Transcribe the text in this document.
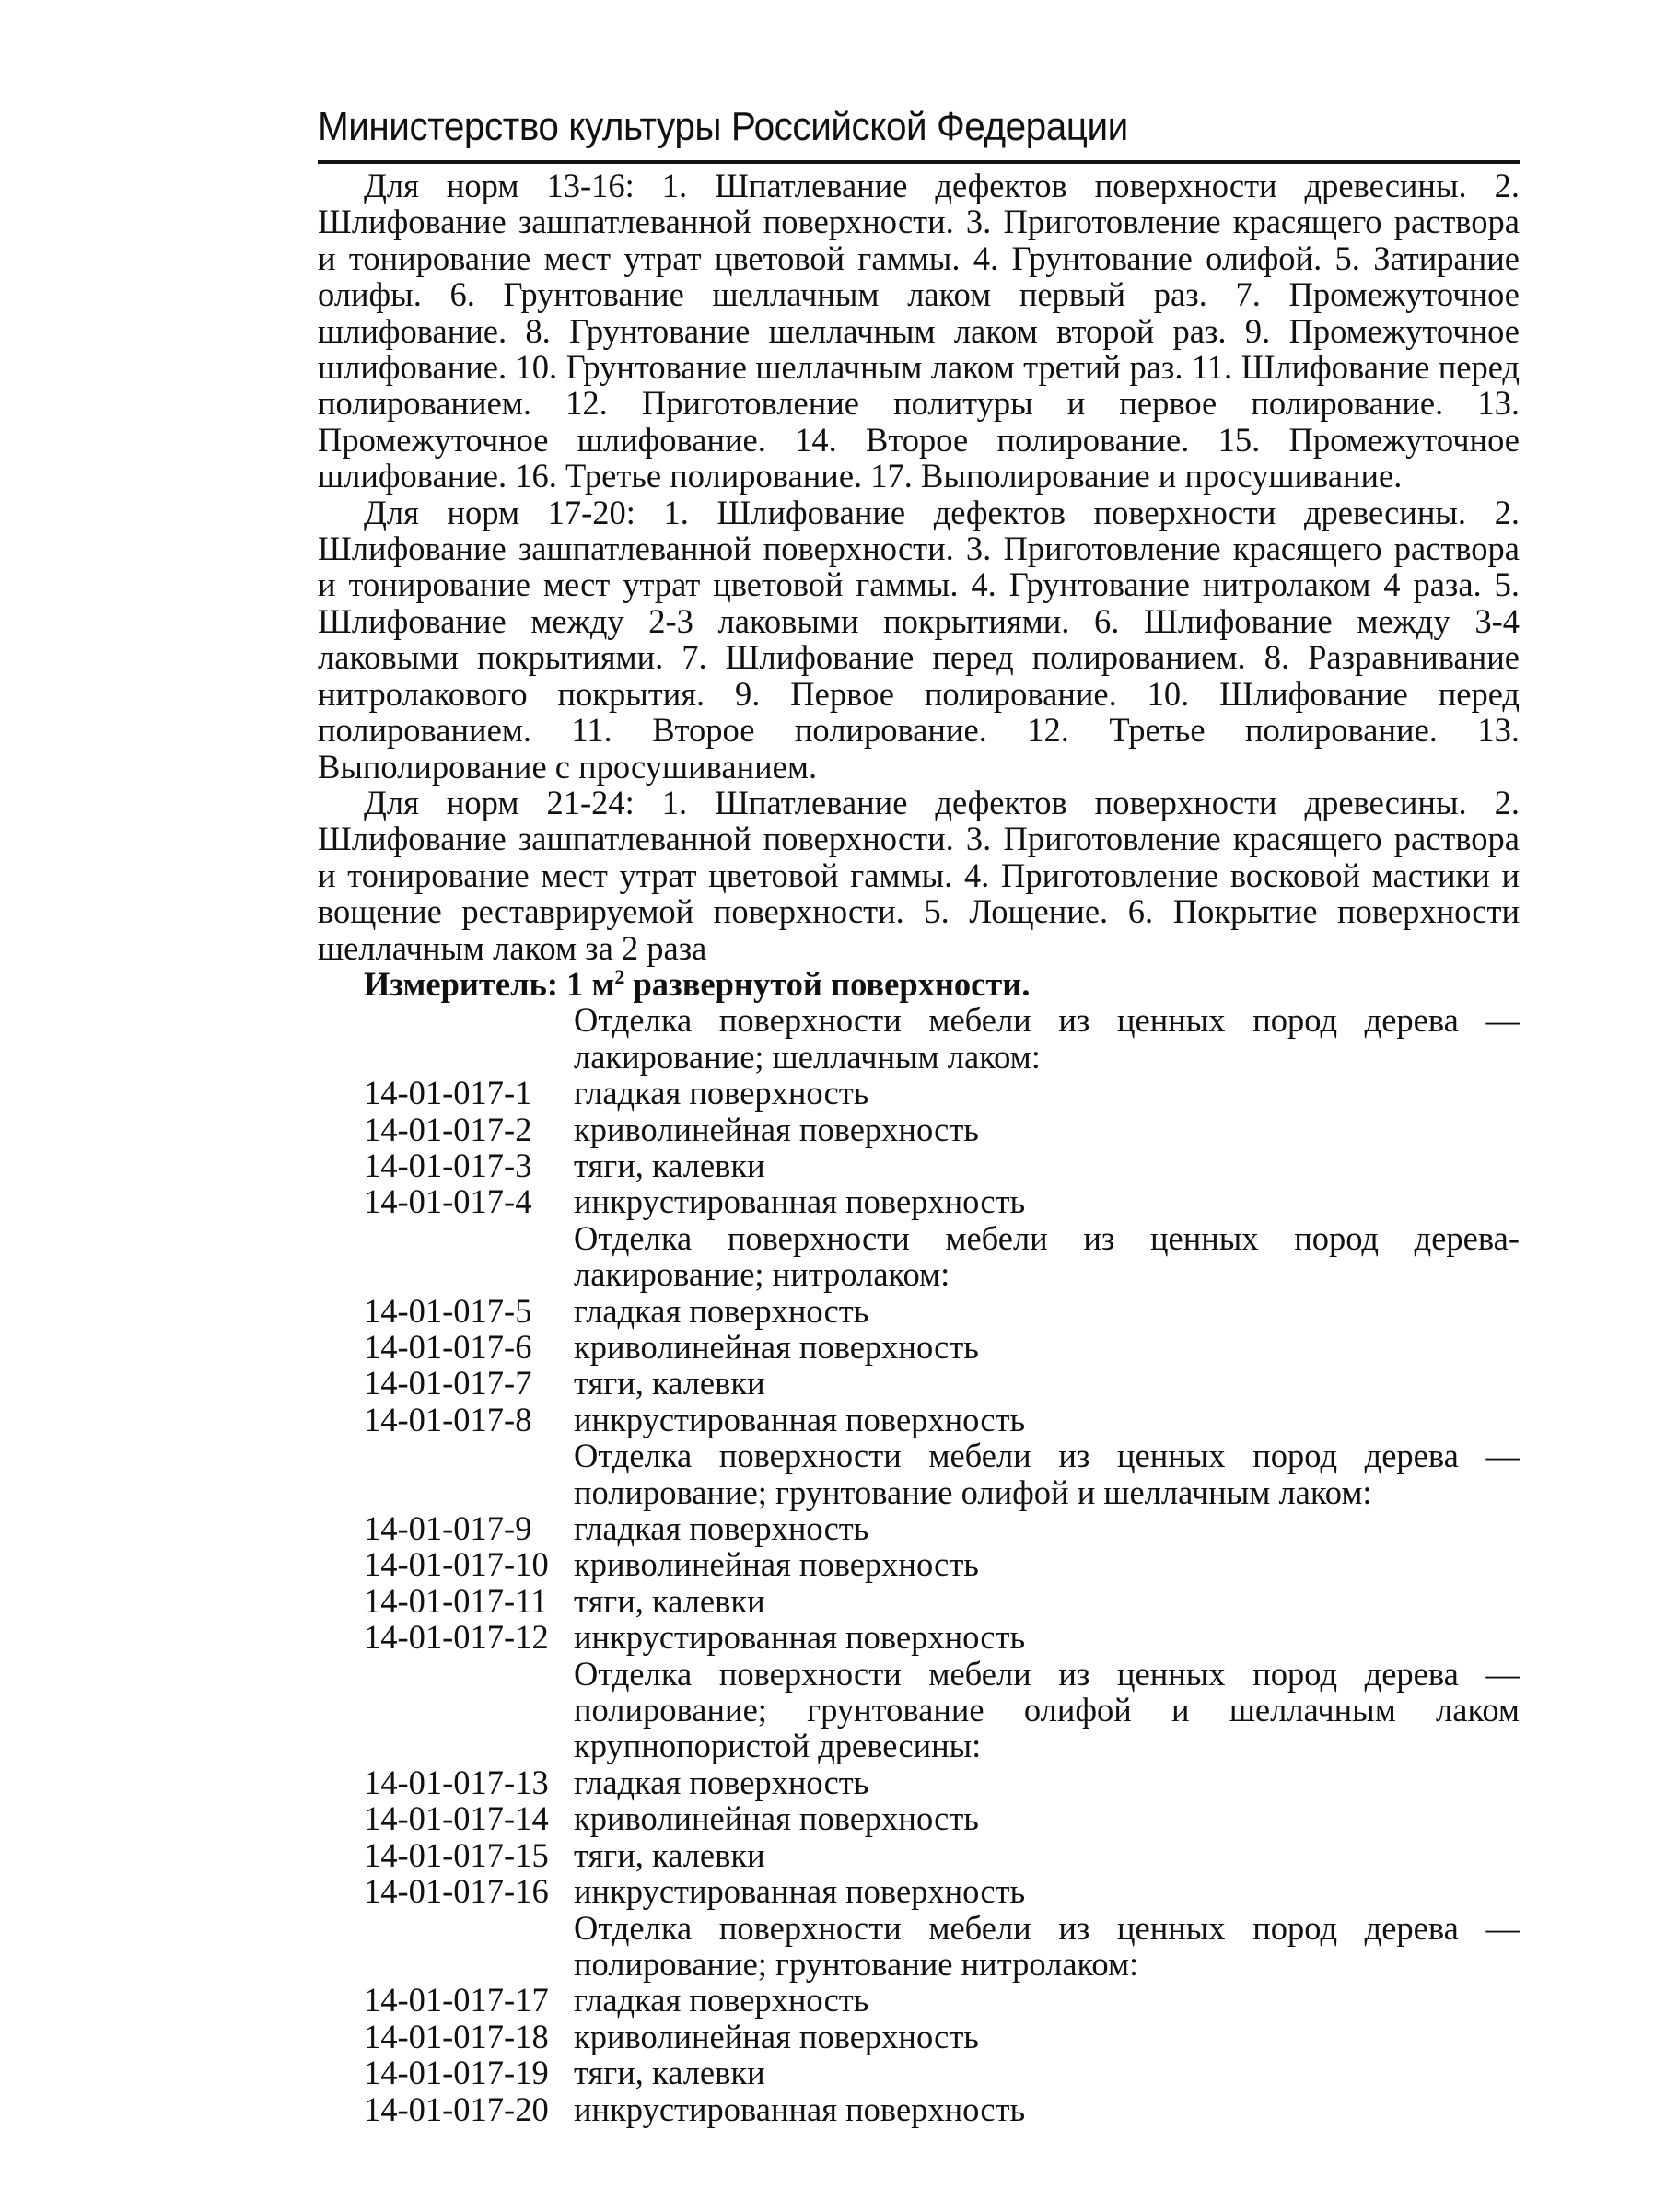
Министерство культуры Российской Федерации

Для норм 13-16: 1. Шпатлевание дефектов поверхности древесины. 2. Шлифование зашпатлеванной поверхности. 3. Приготовление красящего раствора и тонирование мест утрат цветовой гаммы. 4. Грунтование олифой. 5. Затирание олифы. 6. Грунтование шеллачным лаком первый раз. 7. Промежуточное шлифование. 8. Грунтование шеллачным лаком второй раз. 9. Промежуточное шлифование. 10. Грунтование шеллачным лаком третий раз. 11. Шлифование перед полированием. 12. Приготовление политуры и первое полирование. 13. Промежуточное шлифование. 14. Второе полирование. 15. Промежуточное шлифование. 16. Третье полирование. 17. Выполирование и просушивание.

Для норм 17-20: 1. Шлифование дефектов поверхности древесины. 2. Шлифование зашпатлеванной поверхности. 3. Приготовление красящего раствора и тонирование мест утрат цветовой гаммы. 4. Грунтование нитролаком 4 раза. 5. Шлифование между 2-3 лаковыми покрытиями. 6. Шлифование между 3-4 лаковыми покрытиями. 7. Шлифование перед полированием. 8. Разравнивание нитролакового покрытия. 9. Первое полирование. 10. Шлифование перед полированием. 11. Второе полирование. 12. Третье полирование. 13. Выполирование с просушиванием.

Для норм 21-24: 1. Шпатлевание дефектов поверхности древесины. 2. Шлифование зашпатлеванной поверхности. 3. Приготовление красящего раствора и тонирование мест утрат цветовой гаммы. 4. Приготовление восковой мастики и вощение реставрируемой поверхности. 5. Лощение. 6. Покрытие поверхности шеллачным лаком за 2 раза

Измеритель: 1 $м^2$ развернутой поверхности.

Отделка поверхности мебели из ценных пород дерева — лакирование; шеллачным лаком:

14-01-017-1	гладкая поверхность
14-01-017-2	криволинейная поверхность
14-01-017-3	тяги, калевки
14-01-017-4	инкрустированная поверхность

Отделка поверхности мебели из ценных пород дерева- лакирование; нитролаком:

14-01-017-5	гладкая поверхность
14-01-017-6	криволинейная поверхность
14-01-017-7	тяги, калевки
14-01-017-8	инкрустированная поверхность

Отделка поверхности мебели из ценных пород дерева — полирование; грунтование олифой и шеллачным лаком:

14-01-017-9	гладкая поверхность
14-01-017-10 криволинейная поверхность
14-01-017-11 тяги, калевки
14-01-017-12 инкрустированная поверхность

Отделка поверхности мебели из ценных пород дерева — полирование; грунтование олифой и шеллачным лаком крупнопористой древесины:

14-01-017-13 гладкая поверхность
14-01-017-14 криволинейная поверхность
14-01-017-15 тяги, калевки
14-01-017-16 инкрустированная поверхность

Отделка поверхности мебели из ценных пород дерева — полирование; грунтование нитролаком:

14-01-017-17 гладкая поверхность
14-01-017-18 криволинейная поверхность
14-01-017-19 тяги, калевки
14-01-017-20 инкрустированная поверхность
